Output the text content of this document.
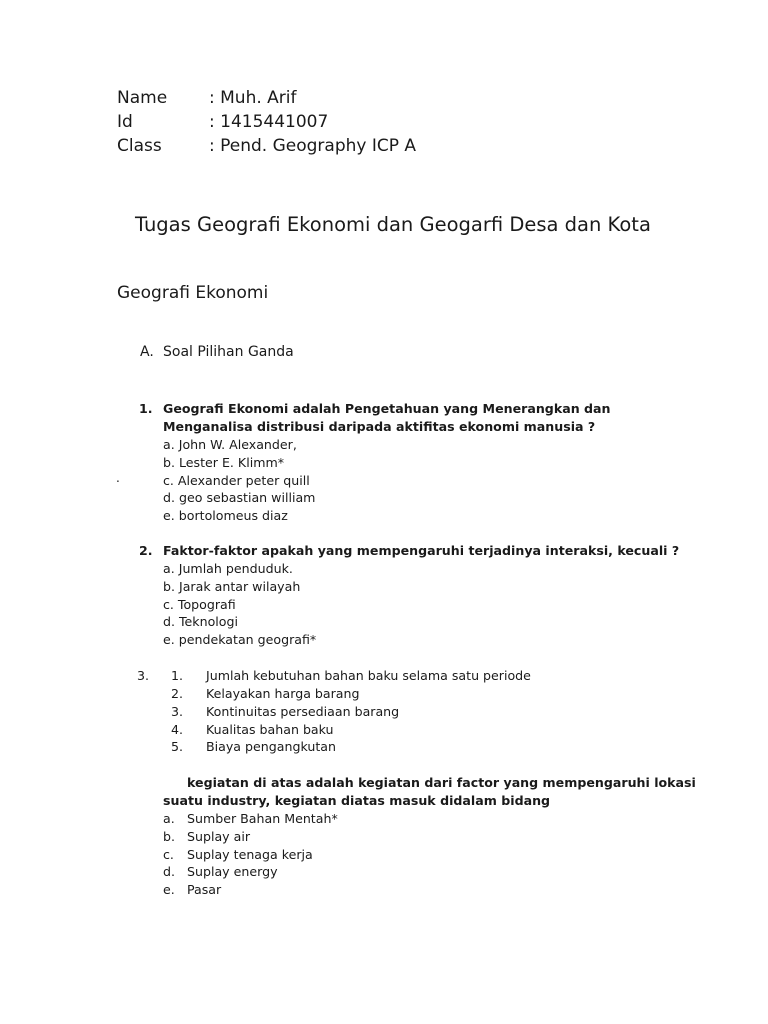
Name : Muh. Arif
Id	: 1415441007
Class	: Pend. Geography ICP A
Tugas Geografi Ekonomi dan Geogarfi Desa dan Kota
Geografi Ekonomi
A. Soal Pilihan Ganda
1. Geografi Ekonomi adalah Pengetahuan yang Menerangkan dan
Menganalisa distribusi daripada aktifitas ekonomi manusia ?
a. John W. Alexander,
b. Lester E. Klimm*
c. Alexander peter quill
d. geo sebastian william
e. bortolomeus diaz
.
2. Faktor-faktor apakah yang mempengaruhi terjadinya interaksi, kecuali ?
a. Jumlah penduduk.
b. Jarak antar wilayah
c. Topografi
d. Teknologi
e. pendekatan geografi*
3. 1. Jumlah kebutuhan bahan baku selama satu periode
2. Kelayakan harga barang
3. Kontinuitas persediaan barang
4. Kualitas bahan baku
5. Biaya pengangkutan
kegiatan di atas adalah kegiatan dari factor yang mempengaruhi lokasi
suatu industry, kegiatan diatas masuk didalam bidang
a. Sumber Bahan Mentah*
b. Suplay air
c. Suplay tenaga kerja
d. Suplay energy
e. Pasar
